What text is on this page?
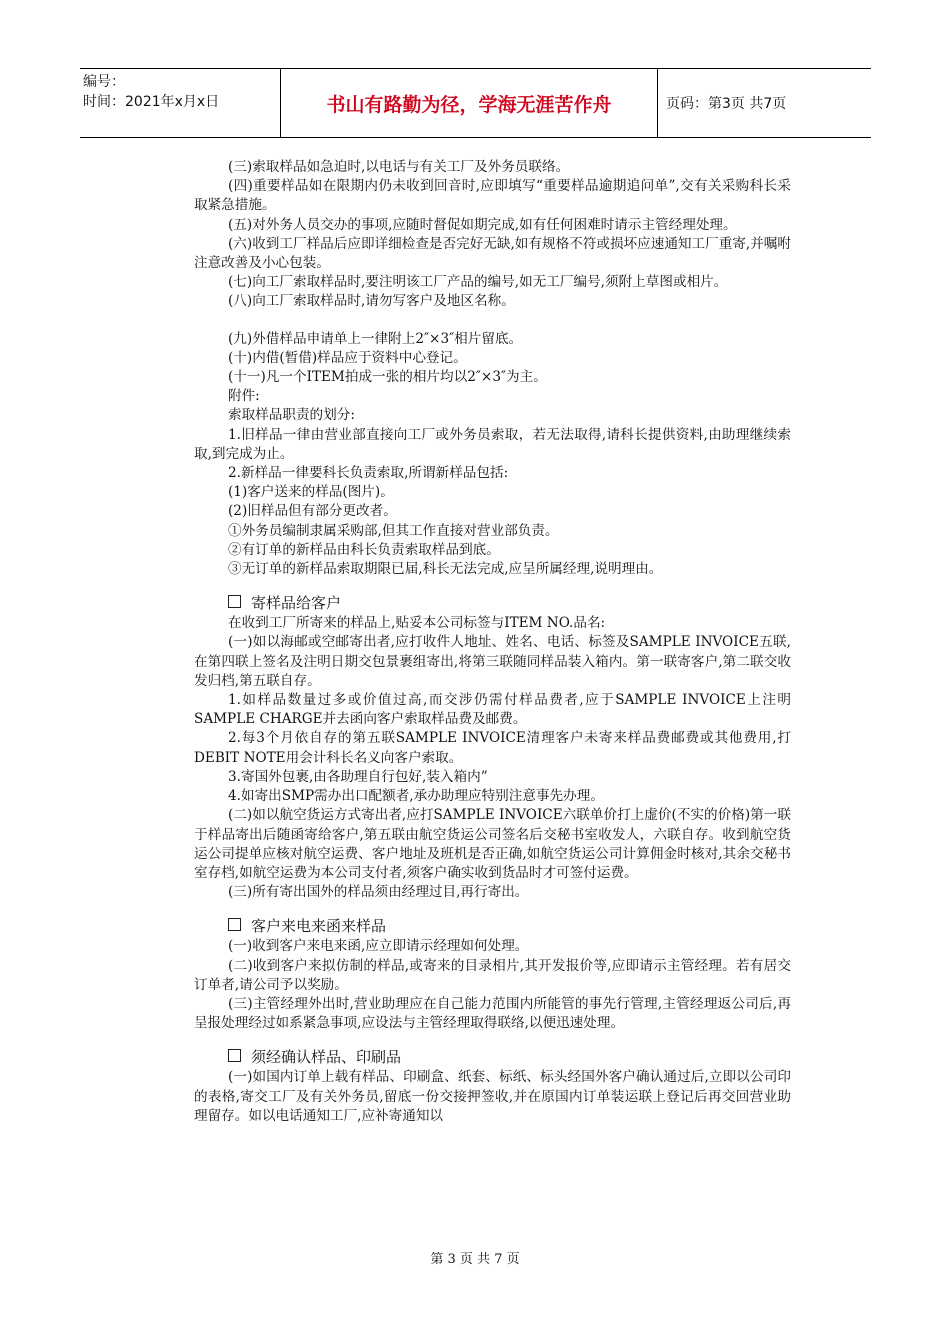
编号：
时间：2021年x月x日	书山有路勤为径，学海无涯苦作舟	页码：第3页 共7页

(三)索取样品如急迫时,以电话与有关工厂及外务员联络。

(四)重要样品如在限期内仍未收到回音时,应即填写“重要样品逾期追问单”,交有关采购科长采取紧急措施。

(五)对外务人员交办的事项,应随时督促如期完成,如有任何困难时请示主管经理处理。

(六)收到工厂样品后应即详细检查是否完好无缺,如有规格不符或损坏应速通知工厂重寄,并嘱咐注意改善及小心包装。

(七)向工厂索取样品时,要注明该工厂产品的编号,如无工厂编号,须附上草图或相片。

(八)向工厂索取样品时,请勿写客户及地区名称。

(九)外借样品申请单上一律附上2″×3″相片留底。

(十)内借(暂借)样品应于资料中心登记。

(十一)凡一个ITEM拍成一张的相片均以2″×3″为主。

附件:

索取样品职责的划分:

1.旧样品一律由营业部直接向工厂或外务员索取，若无法取得,请科长提供资料,由助理继续索取,到完成为止。

2.新样品一律要科长负责索取,所谓新样品包括:

(1)客户送来的样品(图片)。

(2)旧样品但有部分更改者。

①外务员编制隶属采购部,但其工作直接对营业部负责。

②有订单的新样品由科长负责索取样品到底。

③无订单的新样品索取期限已届,科长无法完成,应呈所属经理,说明理由。

寄样品给客户

在收到工厂所寄来的样品上,贴妥本公司标签与ITEM NO.品名:

(一)如以海邮或空邮寄出者,应打收件人地址、姓名、电话、标签及SAMPLE INVOICE五联,在第四联上签名及注明日期交包景裹组寄出,将第三联随同样品装入箱内。第一联寄客户,第二联交收发归档,第五联自存。

1.如样品数量过多或价值过高,而交涉仍需付样品费者,应于SAMPLE INVOICE上注明SAMPLE CHARGE并去函向客户索取样品费及邮费。

2.每3个月依自存的第五联SAMPLE INVOICE清理客户未寄来样品费邮费或其他费用,打DEBIT NOTE用会计科长名义向客户索取。

3.寄国外包裹,由各助理自行包好,装入箱内”

4.如寄出SMP需办出口配额者,承办助理应特别注意事先办理。

(二)如以航空货运方式寄出者,应打SAMPLE INVOICE六联单价打上虚价(不实的价格)第一联于样品寄出后随函寄给客户,第五联由航空货运公司签名后交秘书室收发人，六联自存。收到航空货运公司提单应核对航空运费、客户地址及班机是否正确,如航空货运公司计算佣金时核对,其余交秘书室存档,如航空运费为本公司支付者,须客户确实收到货品时才可签付运费。

(三)所有寄出国外的样品须由经理过目,再行寄出。

客户来电来函来样品

(一)收到客户来电来函,应立即请示经理如何处理。

(二)收到客户来拟仿制的样品,或寄来的目录相片,其开发报价等,应即请示主管经理。若有居交订单者,请公司予以奖励。

(三)主管经理外出时,营业助理应在自己能力范围内所能管的事先行管理,主管经理返公司后,再呈报处理经过如系紧急事项,应设法与主管经理取得联络,以便迅速处理。

须经确认样品、印刷品

(一)如国内订单上载有样品、印刷盒、纸套、标纸、标头经国外客户确认通过后,立即以公司印的表格,寄交工厂及有关外务员,留底一份交接押签收,并在原国内订单装运联上登记后再交回营业助理留存。如以电话通知工厂,应补寄通知以

第 3 页 共 7 页
